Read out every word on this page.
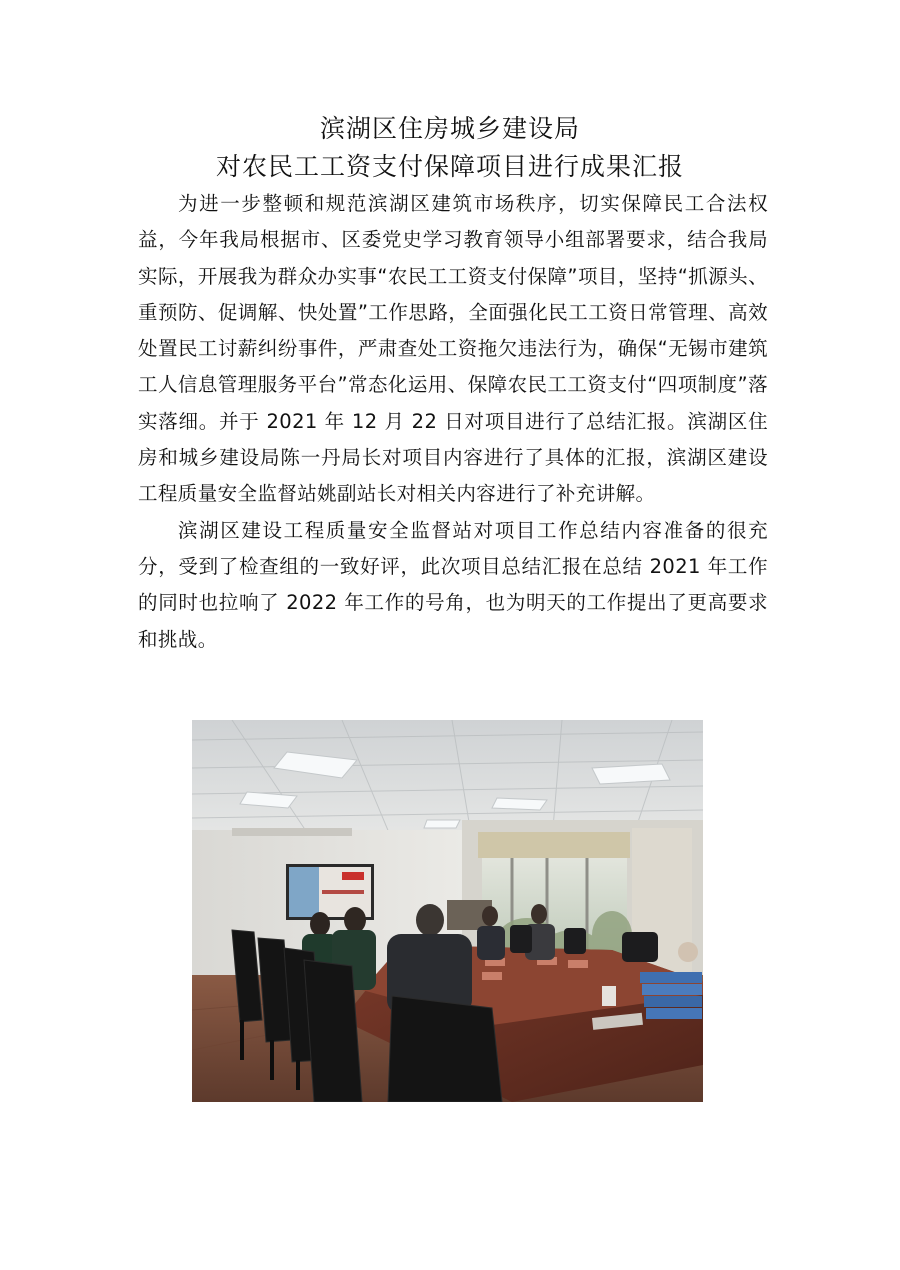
滨湖区住房城乡建设局
对农民工工资支付保障项目进行成果汇报

为进一步整顿和规范滨湖区建筑市场秩序，切实保障民工合法权益，今年我局根据市、区委党史学习教育领导小组部署要求，结合我局实际，开展我为群众办实事“农民工工资支付保障”项目，坚持“抓源头、重预防、促调解、快处置”工作思路，全面强化民工工资日常管理、高效处置民工讨薪纠纷事件，严肃查处工资拖欠违法行为，确保“无锡市建筑工人信息管理服务平台”常态化运用、保障农民工工资支付“四项制度”落实落细。并于 2021 年 12 月 22 日对项目进行了总结汇报。滨湖区住房和城乡建设局陈一丹局长对项目内容进行了具体的汇报，滨湖区建设工程质量安全监督站姚副站长对相关内容进行了补充讲解。

滨湖区建设工程质量安全监督站对项目工作总结内容准备的很充分，受到了检查组的一致好评，此次项目总结汇报在总结 2021 年工作的同时也拉响了 2022 年工作的号角，也为明天的工作提出了更高要求和挑战。
